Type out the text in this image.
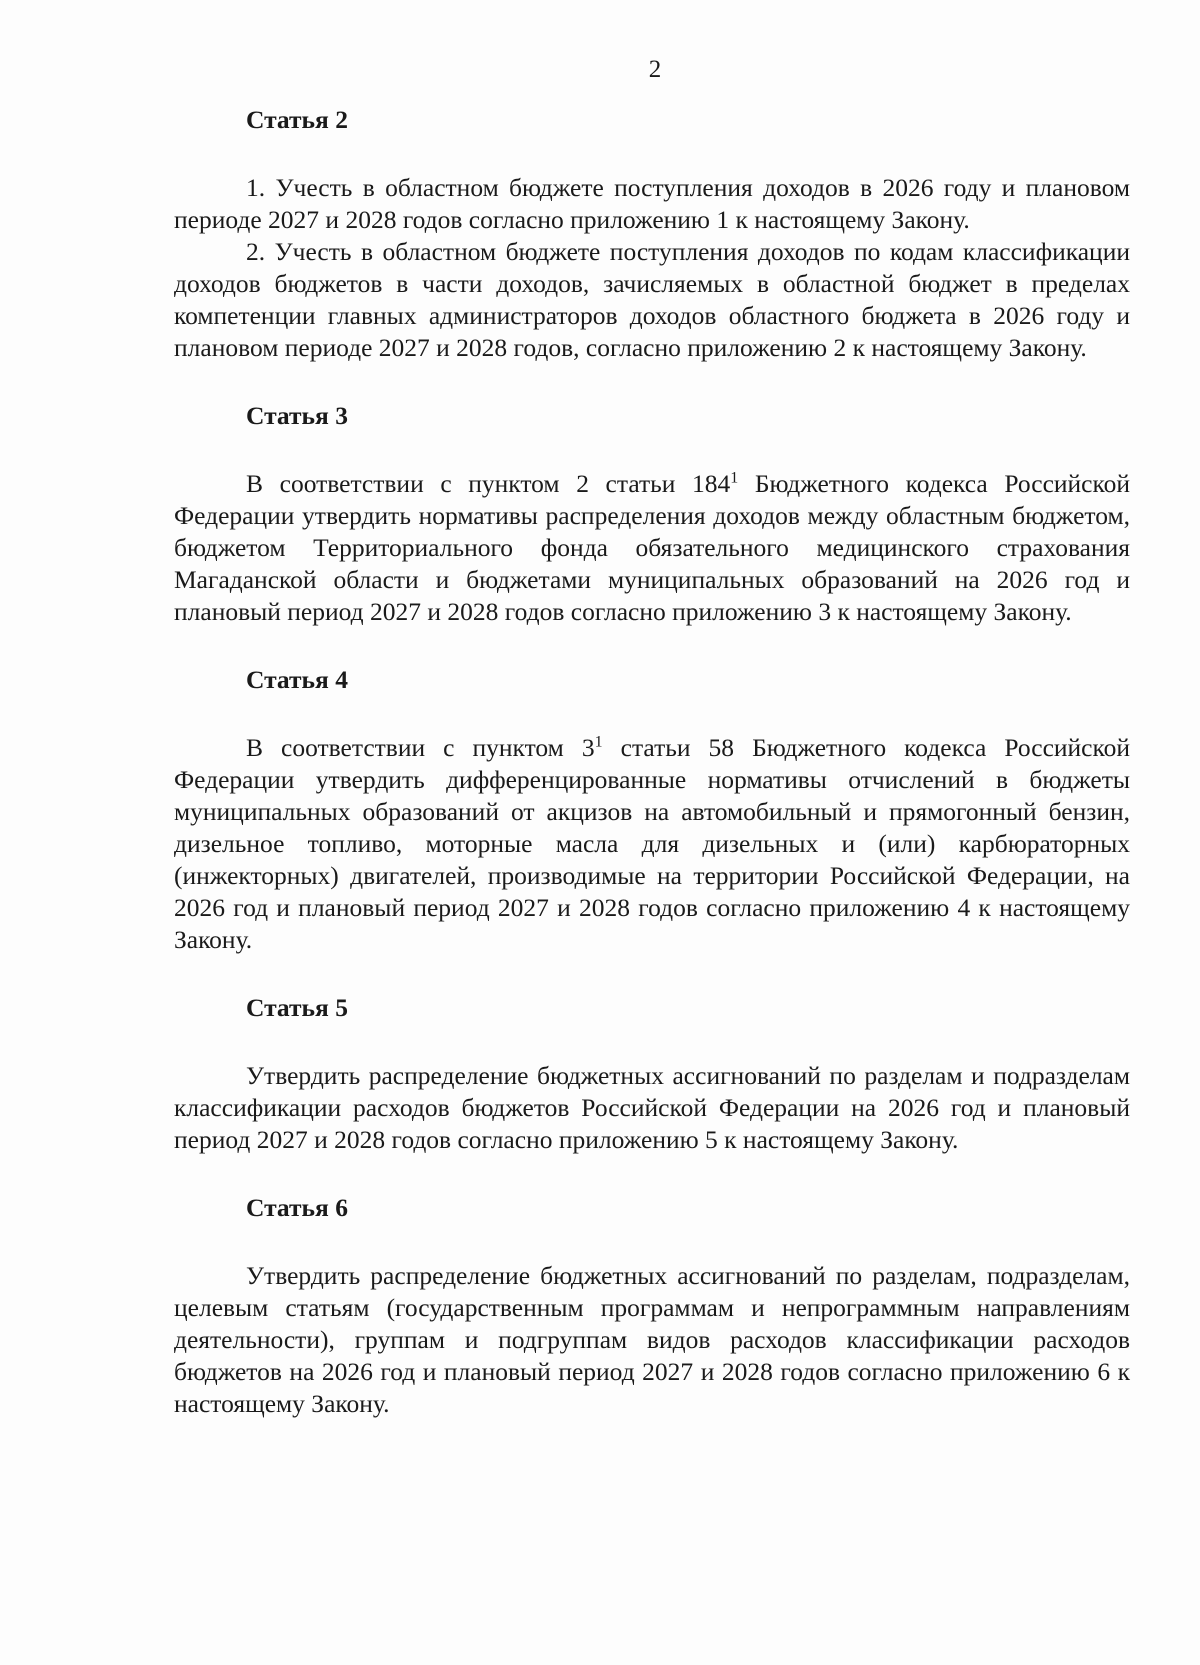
2
Статья 2

1. Учесть в областном бюджете поступления доходов в 2026 году и плановом периоде 2027 и 2028 годов согласно приложению 1 к настоящему Закону.

2. Учесть в областном бюджете поступления доходов по кодам классификации доходов бюджетов в части доходов, зачисляемых в областной бюджет в пределах компетенции главных администраторов доходов областного бюджета в 2026 году и плановом периоде 2027 и 2028 годов, согласно приложению 2 к настоящему Закону.

Статья 3

В соответствии с пунктом 2 статьи $184^1$ Бюджетного кодекса Российской Федерации утвердить нормативы распределения доходов между областным бюджетом, бюджетом Территориального фонда обязательного медицинского страхования Магаданской области и бюджетами муниципальных образований на 2026 год и плановый период 2027 и 2028 годов согласно приложению 3 к настоящему Закону.

Статья 4

В соответствии с пунктом $3^1$ статьи 58 Бюджетного кодекса Российской Федерации утвердить дифференцированные нормативы отчислений в бюджеты муниципальных образований от акцизов на автомобильный и прямогонный бензин, дизельное топливо, моторные масла для дизельных и (или) карбюраторных (инжекторных) двигателей, производимые на территории Российской Федерации, на 2026 год и плановый период 2027 и 2028 годов согласно приложению 4 к настоящему Закону.

Статья 5

Утвердить распределение бюджетных ассигнований по разделам и подразделам классификации расходов бюджетов Российской Федерации на 2026 год и плановый период 2027 и 2028 годов согласно приложению 5 к настоящему Закону.

Статья 6

Утвердить распределение бюджетных ассигнований по разделам, подразделам, целевым статьям (государственным программам и непрограммным направлениям деятельности), группам и подгруппам видов расходов классификации расходов бюджетов на 2026 год и плановый период 2027 и 2028 годов согласно приложению 6 к настоящему Закону.
